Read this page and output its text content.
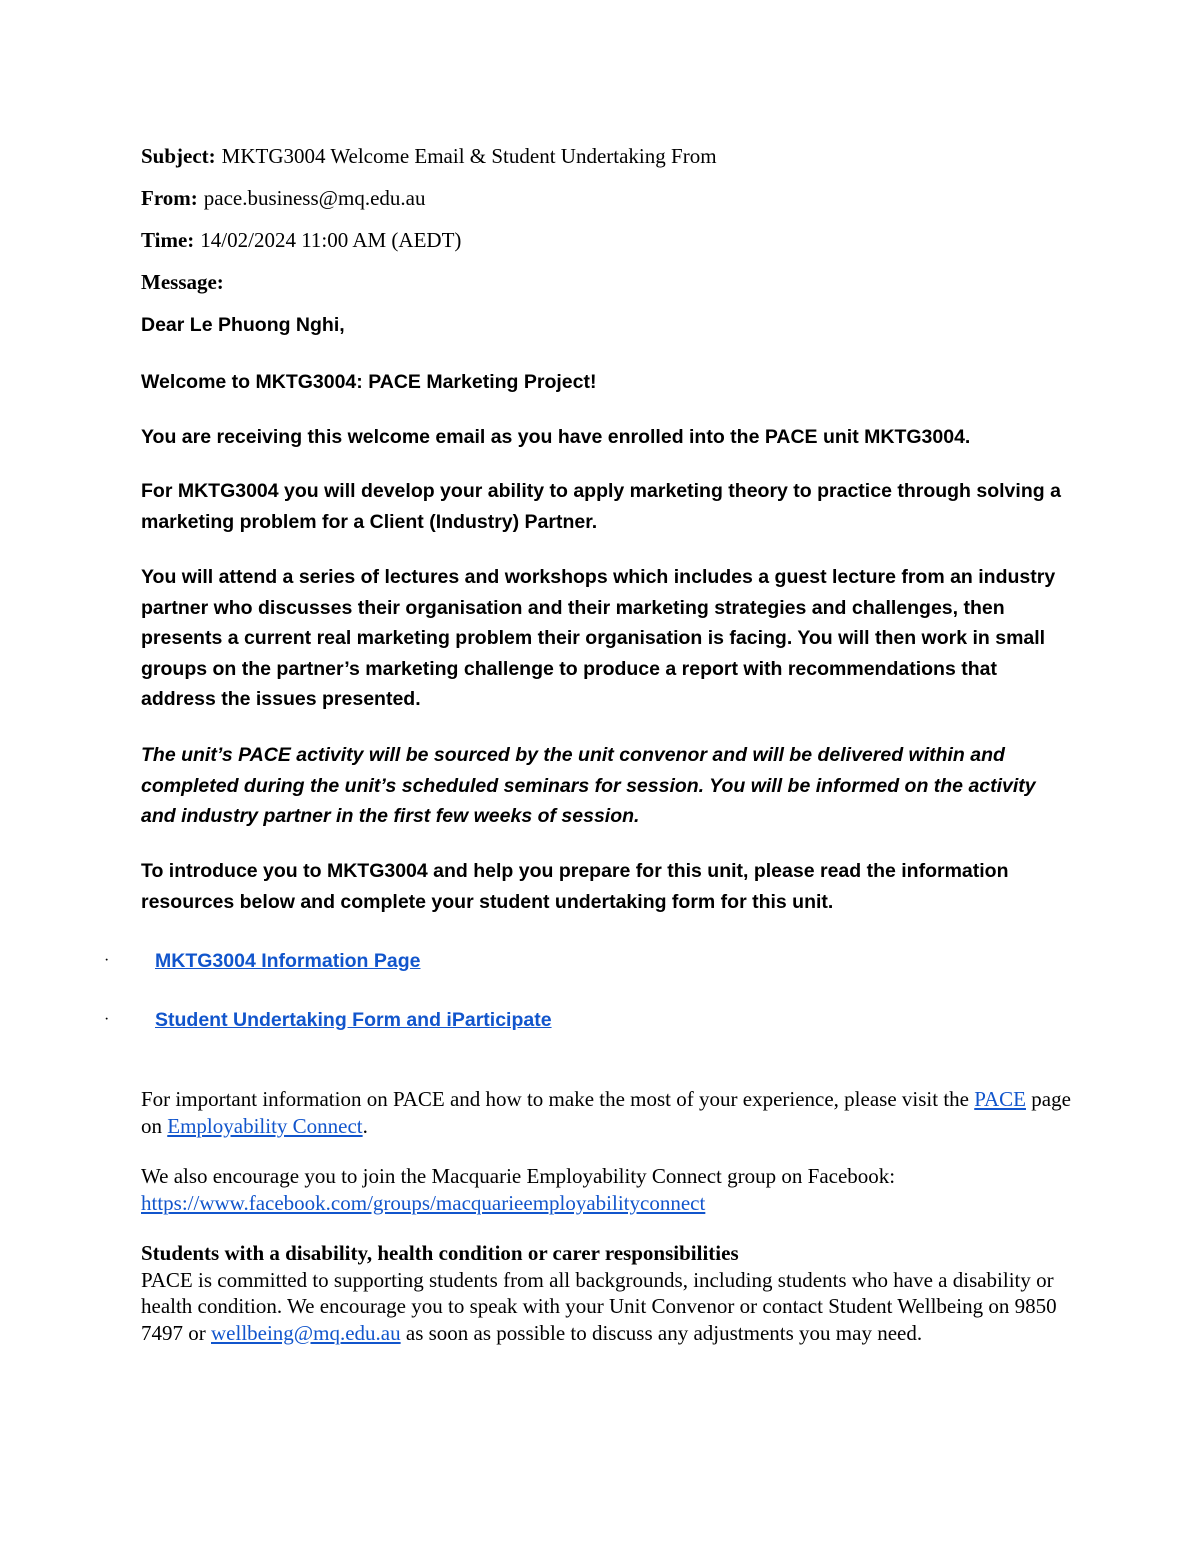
Subject: MKTG3004 Welcome Email & Student Undertaking From
From: pace.business@mq.edu.au
Time: 14/02/2024 11:00 AM (AEDT)
Message:
Dear Le Phuong Nghi,
Welcome to MKTG3004: PACE Marketing Project!
You are receiving this welcome email as you have enrolled into the PACE unit MKTG3004.
For MKTG3004 you will develop your ability to apply marketing theory to practice through solving a marketing problem for a Client (Industry) Partner.
You will attend a series of lectures and workshops which includes a guest lecture from an industry partner who discusses their organisation and their marketing strategies and challenges, then presents a current real marketing problem their organisation is facing. You will then work in small groups on the partner’s marketing challenge to produce a report with recommendations that address the issues presented.
The unit’s PACE activity will be sourced by the unit convenor and will be delivered within and completed during the unit’s scheduled seminars for session. You will be informed on the activity and industry partner in the first few weeks of session.
To introduce you to MKTG3004 and help you prepare for this unit, please read the information resources below and complete your student undertaking form for this unit.
· MKTG3004 Information Page
· Student Undertaking Form and iParticipate
For important information on PACE and how to make the most of your experience, please visit the PACE page on Employability Connect.
We also encourage you to join the Macquarie Employability Connect group on Facebook:
https://www.facebook.com/groups/macquarieemployabilityconnect
Students with a disability, health condition or carer responsibilities
PACE is committed to supporting students from all backgrounds, including students who have a disability or health condition. We encourage you to speak with your Unit Convenor or contact Student Wellbeing on 9850 7497 or wellbeing@mq.edu.au as soon as possible to discuss any adjustments you may need.
